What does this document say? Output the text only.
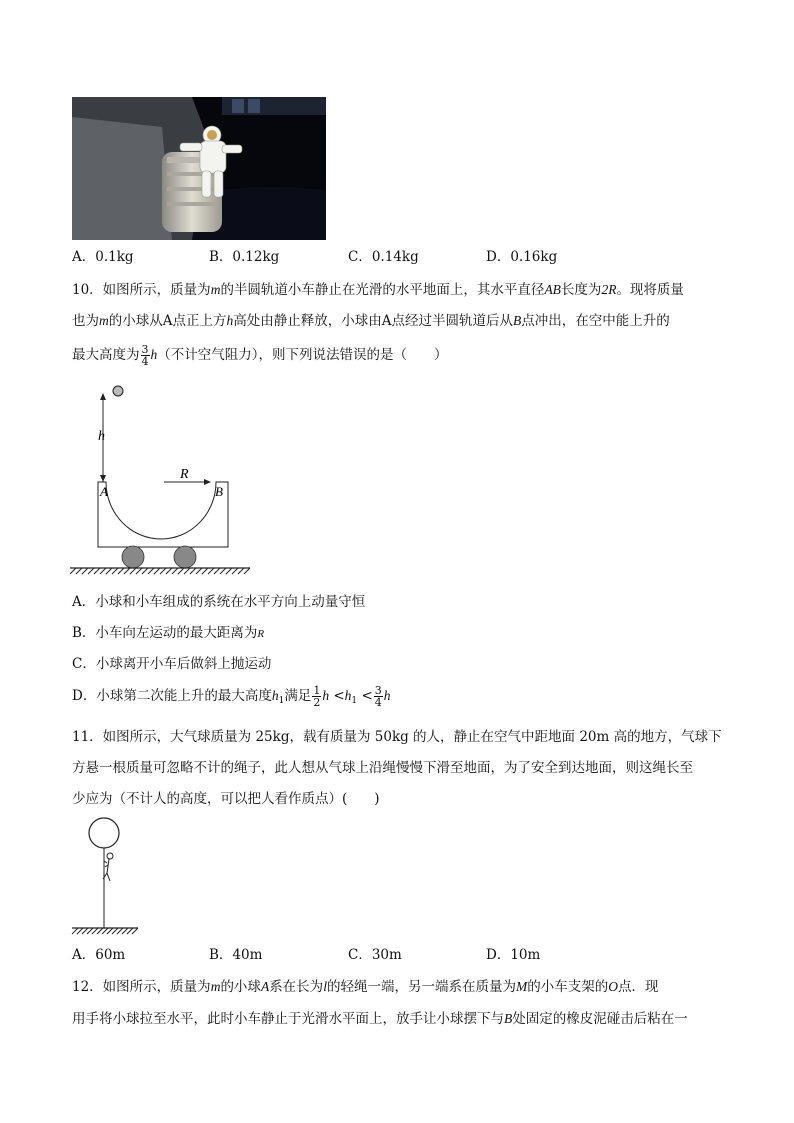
A．0.1kg	B．0.12kg	C．0.14kg	D．0.16kg
10．如图所示，质量为m的半圆轨道小车静止在光滑的水平地面上，其水平直径AB长度为2R。现将质量
也为m的小球从A点正上方h高处由静止释放，小球由A点经过半圆轨道后从B点冲出，在空中能上升的
最大高度为 $\frac{3}{4} h$（不计空气阻力），则下列说法错误的是（　　）
h
A	B
R
A．小球和小车组成的系统在水平方向上动量守恒
B．小车向左运动的最大距离为R
C．小球离开小车后做斜上抛运动
D．小球第二次能上升的最大高度$h_1$满足 $\frac{1}{2}$ $h <h_1 < \frac{3}{4}$ h
11．如图所示，大气球质量为 25kg，载有质量为 50kg 的人，静止在空气中距地面 20m 高的地方，气球下
方悬一根质量可忽略不计的绳子，此人想从气球上沿绳慢慢下滑至地面，为了安全到达地面，则这绳长至
少应为（不计人的高度，可以把人看作质点）(　　)
A．60m	B．40m	C．30m	D．10m
12．如图所示，质量为m的小球A系在长为l的轻绳一端，另一端系在质量为M的小车支架的O点．现
用手将小球拉至水平，此时小车静止于光滑水平面上，放手让小球摆下与B处固定的橡皮泥碰击后粘在一
